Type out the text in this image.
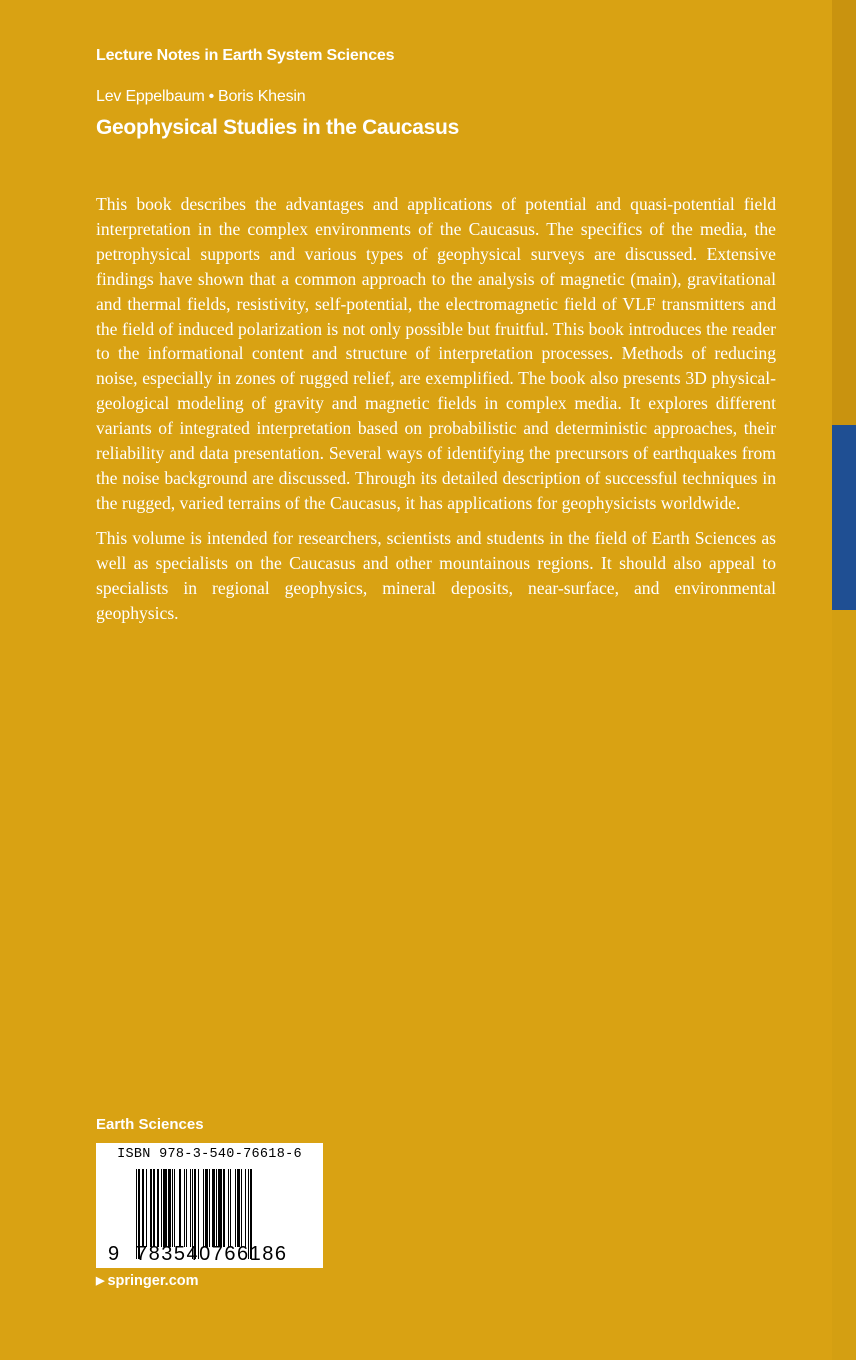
Lecture Notes in Earth System Sciences
Lev Eppelbaum • Boris Khesin
Geophysical Studies in the Caucasus

This book describes the advantages and applications of potential and quasi-potential field interpretation in the complex environments of the Caucasus. The specifics of the media, the petrophysical supports and various types of geophysical surveys are discussed. Extensive findings have shown that a common approach to the analysis of magnetic (main), gravitational and thermal fields, resistivity, self-potential, the electromagnetic field of VLF transmitters and the field of induced polarization is not only possible but fruitful. This book introduces the reader to the informational content and structure of interpretation processes. Methods of reducing noise, especially in zones of rugged relief, are exemplified. The book also presents 3D physical-geological modeling of gravity and magnetic fields in complex media. It explores different variants of integrated interpretation based on probabilistic and deterministic approaches, their reliability and data presentation. Several ways of identifying the precursors of earthquakes from the noise background are discussed. Through its detailed description of successful techniques in the rugged, varied terrains of the Caucasus, it has applications for geophysicists worldwide.

This volume is intended for researchers, scientists and students in the field of Earth Sciences as well as specialists on the Caucasus and other mountainous regions. It should also appeal to specialists in regional geophysics, mineral deposits, near-surface, and environmental geophysics.

Earth Sciences
ISBN 978-3-540-76618-6
9 783540766186
▶ springer.com
